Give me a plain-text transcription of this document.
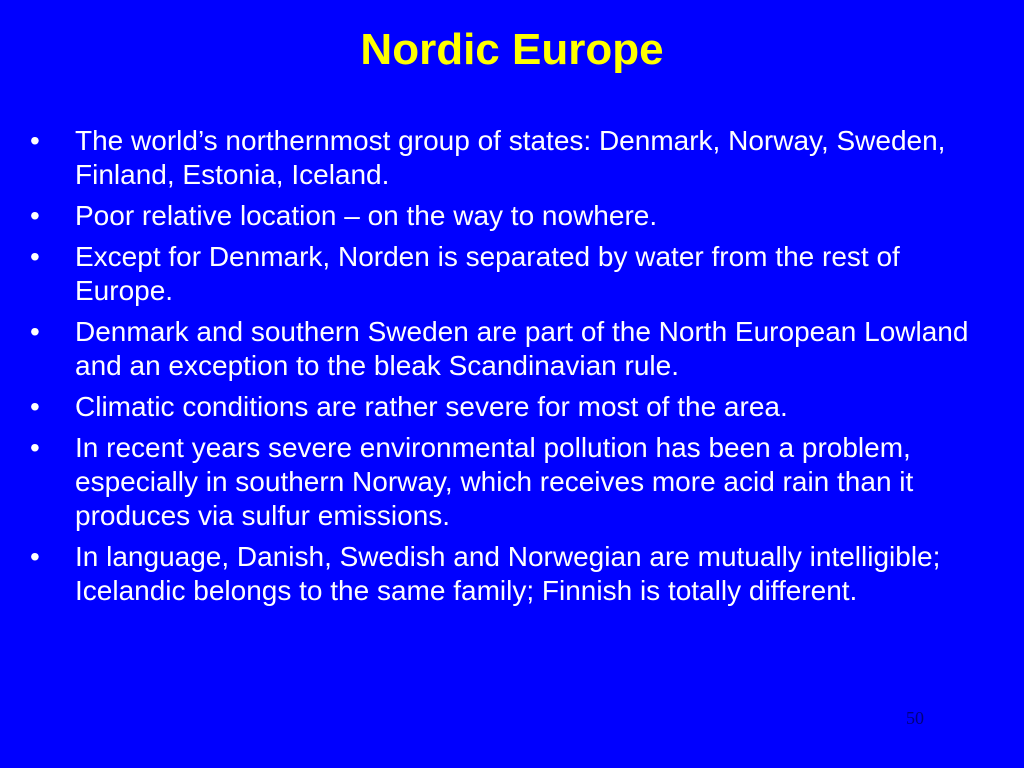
Nordic Europe
•	The world’s northernmost group of states: Denmark, Norway, Sweden, Finland, Estonia, Iceland.
•	Poor relative location – on the way to nowhere.
•	Except for Denmark, Norden is separated by water from the rest of Europe.
•	Denmark and southern Sweden are part of the North European Lowland and an exception to the bleak Scandinavian rule.
•	Climatic conditions are rather severe for most of the area.
•	In recent years severe environmental pollution has been a problem, especially in southern Norway, which receives more acid rain than it produces via sulfur emissions.
•	In language, Danish, Swedish and Norwegian are mutually intelligible; Icelandic belongs to the same family; Finnish is totally different.
50
